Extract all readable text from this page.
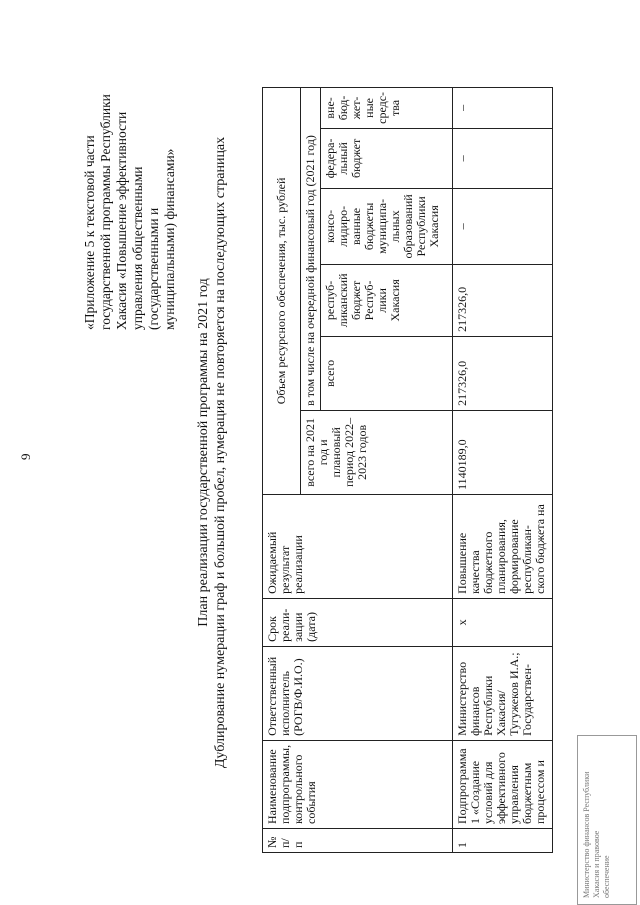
9
«Приложение 5 к текстовой части государственной программы Республики Хакасия «Повышение эффективности управления общественными (государственными и муниципальными) финансами»
План реализации государственной программы на 2021 год Дублирование нумерации граф и большой пробел, нумерация не повторяется на последующих страницах
№ п/п	Наименование подпрограммы, контрольного события	Ответственный исполнитель (РОГВ/Ф.И.О.)	Срок реали-зации (дата)	Ожидаемый результат реализации	Объем ресурсного обеспечения, тыс. рублей					
					всего на 2021 год и плановый период 2022–2023 годов	в том числе на очередной финансовый год (2021 год)				
						всего	респуб-ликанский бюджет Респуб-лики Хакасия	консо-лидиро-ванные бюджеты муниципа-льных образований Республики Хакасия	федера-льный бюджет	вне-бюд-жет-ные средс-тва
1	Подпрограмма 1 «Создание условий для эффективного управления бюджетным процессом и	Министерство финансов Республики Хакасия/ Тугужеков И.А.; Государствен-	x	Повышение качества бюджетного планирования, формирование республикан-ского бюджета на	1140189,0	217326,0	217326,0	–	–	–
Министерство финансов Республики Хакасия и правовое обеспечение
